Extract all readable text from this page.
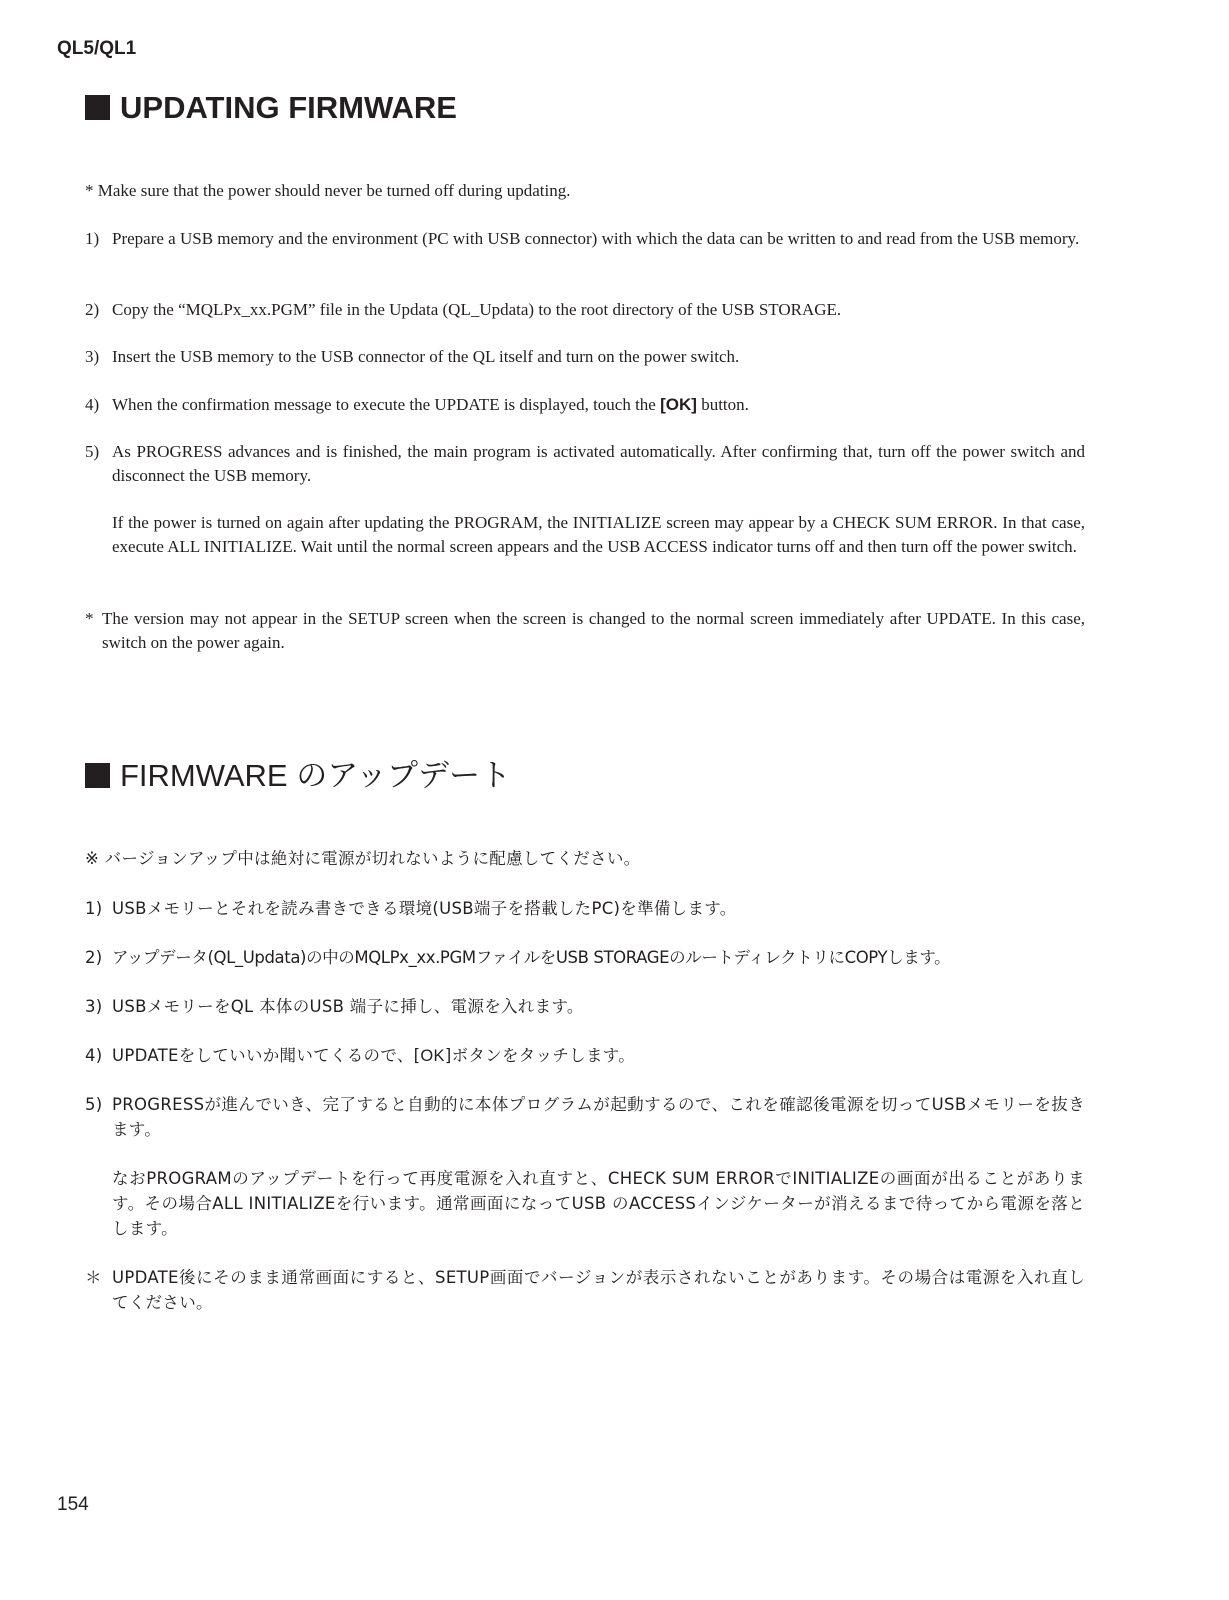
QL5/QL1
UPDATING FIRMWARE
* Make sure that the power should never be turned off during updating.
1) Prepare a USB memory and the environment (PC with USB connector) with which the data can be written to and read from the USB memory.
2) Copy the “MQLPx_xx.PGM” file in the Updata (QL_Updata) to the root directory of the USB STORAGE.
3) Insert the USB memory to the USB connector of the QL itself and turn on the power switch.
4) When the confirmation message to execute the UPDATE is displayed, touch the [OK] button.
5) As PROGRESS advances and is finished, the main program is activated automatically. After confirming that, turn off the power switch and disconnect the USB memory.
If the power is turned on again after updating the PROGRAM, the INITIALIZE screen may appear by a CHECK SUM ERROR. In that case, execute ALL INITIALIZE. Wait until the normal screen appears and the USB ACCESS indicator turns off and then turn off the power switch.
* The version may not appear in the SETUP screen when the screen is changed to the normal screen immediately after UPDATE. In this case, switch on the power again.
FIRMWARE のアップデート
※ バージョンアップ中は絶対に電源が切れないように配慮してください。
1) USBメモリーとそれを読み書きできる環境(USB端子を搭載したPC)を準備します。
2) アップデータ(QL_Updata)の中のMQLPx_xx.PGMファイルをUSB STORAGEのルートディレクトリにCOPYします。
3) USBメモリーをQL 本体のUSB 端子に挿し、電源を入れます。
4) UPDATEをしていいか聞いてくるので、[OK]ボタンをタッチします。
5) PROGRESSが進んでいき、完了すると自動的に本体プログラムが起動するので、これを確認後電源を切ってUSBメモリーを抜きます。
なおPROGRAMのアップデートを行って再度電源を入れ直すと、CHECK SUM ERRORでINITIALIZEの画面が出ることがあります。その場合ALL INITIALIZEを行います。通常画面になってUSB のACCESSインジケーターが消えるまで待ってから電源を落とします。
＊ UPDATE後にそのまま通常画面にすると、SETUP画面でバージョンが表示されないことがあります。その場合は電源を入れ直してください。
154
